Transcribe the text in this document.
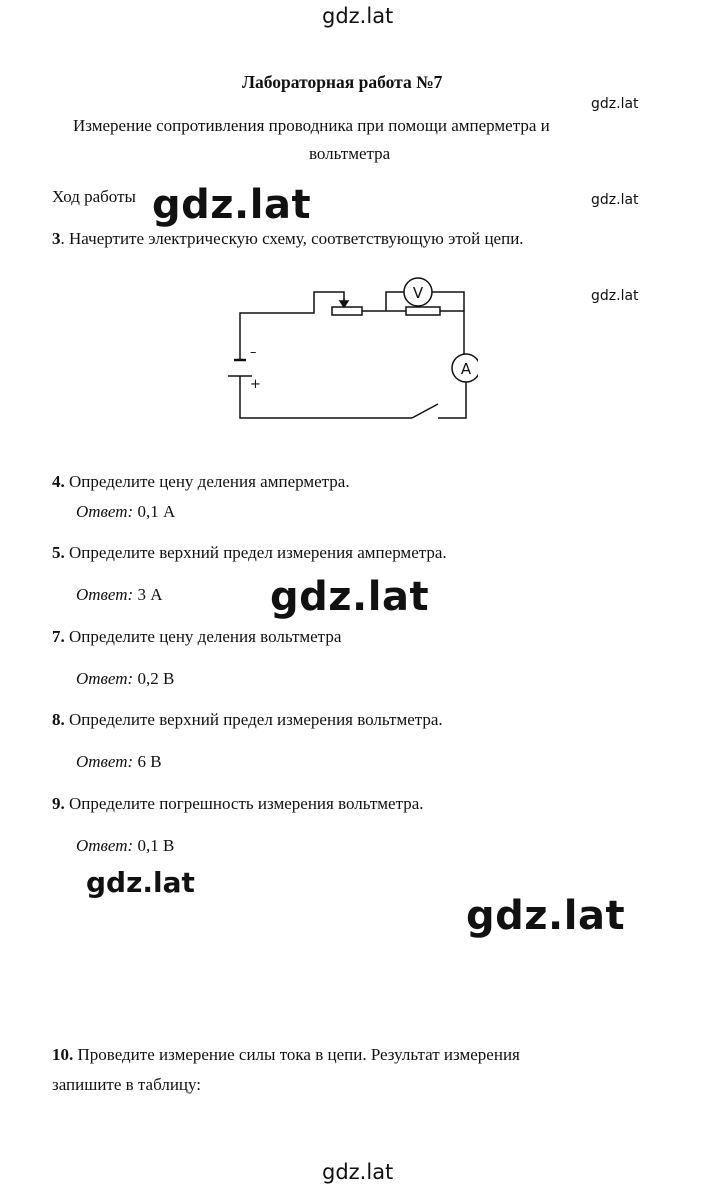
gdz.lat
gdz.lat
gdz.lat
gdz.lat
gdz.lat
gdz.lat
gdz.lat
gdz.lat
gdz.lat
Лабораторная работа №7
Измерение сопротивления проводника при помощи амперметра и
вольтметра
Ход работы
3. Начертите электрическую схему, соответствующую этой цепи.
V
A
–
+
4. Определите цену деления амперметра.
Ответ: 0,1 А
5. Определите верхний предел измерения амперметра.
Ответ: 3 А
7. Определите цену деления вольтметра
Ответ: 0,2 В
8. Определите верхний предел измерения вольтметра.
Ответ: 6 В
9. Определите погрешность измерения вольтметра.
Ответ: 0,1 В
10. Проведите измерение силы тока в цепи. Результат измерения
запишите в таблицу:
